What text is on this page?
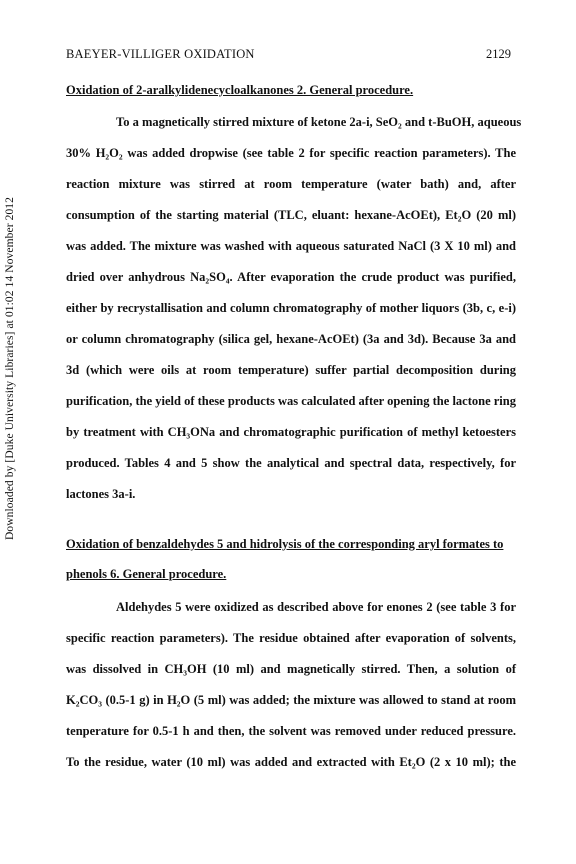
Downloaded by [Duke University Libraries] at 01:02 14 November 2012
BAEYER-VILLIGER OXIDATION	2129
Oxidation of 2-aralkylidenecycloalkanones 2. General procedure.
To a magnetically stirred mixture of ketone 2a-i, SeO₂ and t-BuOH, aqueous
30% H₂O₂ was added dropwise (see table 2 for specific reaction parameters). The
reaction mixture was stirred at room temperature (water bath) and, after
consumption of the starting material (TLC, eluant: hexane-AcOEt), Et₂O (20 ml)
was added. The mixture was washed with aqueous saturated NaCl (3 X 10 ml) and
dried over anhydrous Na₂SO₄. After evaporation the crude product was purified,
either by recrystallisation and column chromatography of mother liquors (3b, c, e-i)
or column chromatography (silica gel, hexane-AcOEt) (3a and 3d). Because 3a and
3d (which were oils at room temperature) suffer partial decomposition during
purification, the yield of these products was calculated after opening the lactone ring
by treatment with CH₃ONa and chromatographic purification of methyl ketoesters
produced. Tables 4 and 5 show the analytical and spectral data, respectively, for
lactones 3a-i.
Oxidation of benzaldehydes 5 and hidrolysis of the corresponding aryl formates to
phenols 6. General procedure.
Aldehydes 5 were oxidized as described above for enones 2 (see table 3 for
specific reaction parameters). The residue obtained after evaporation of solvents,
was dissolved in CH₃OH (10 ml) and magnetically stirred. Then, a solution of
K₂CO₃ (0.5-1 g) in H₂O (5 ml) was added; the mixture was allowed to stand at room
tenperature for 0.5-1 h and then, the solvent was removed under reduced pressure.
To the residue, water (10 ml) was added and extracted with Et₂O (2 x 10 ml); the
